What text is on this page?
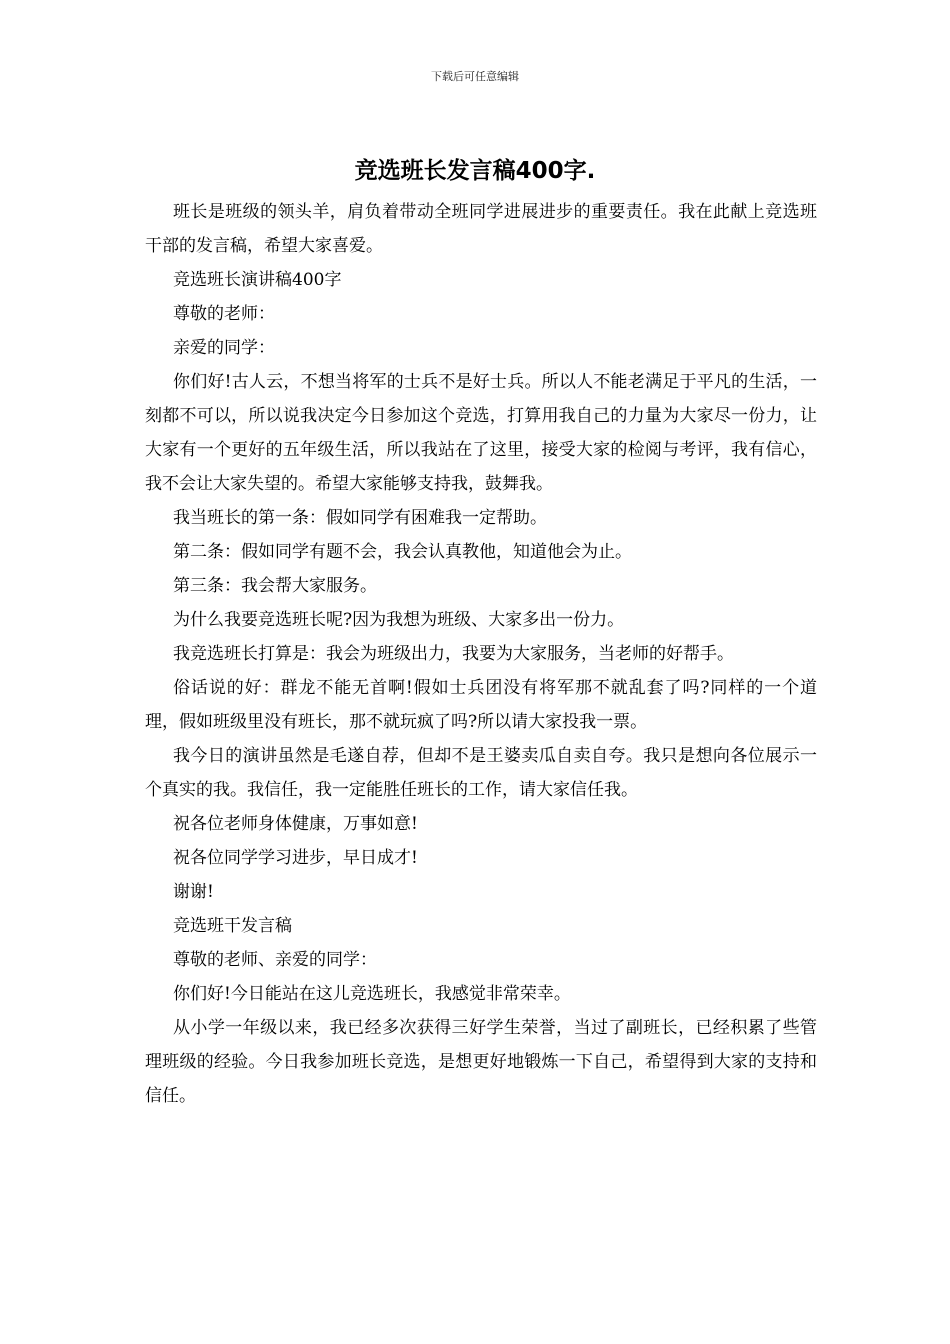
下载后可任意编辑
竞选班长发言稿400字.

班长是班级的领头羊，肩负着带动全班同学进展进步的重要责任。我在此献上竞选班干部的发言稿，希望大家喜爱。

竞选班长演讲稿400字

尊敬的老师：

亲爱的同学：

你们好!古人云，不想当将军的士兵不是好士兵。所以人不能老满足于平凡的生活，一刻都不可以，所以说我决定今日参加这个竞选，打算用我自己的力量为大家尽一份力，让大家有一个更好的五年级生活，所以我站在了这里，接受大家的检阅与考评，我有信心，我不会让大家失望的。希望大家能够支持我，鼓舞我。

我当班长的第一条：假如同学有困难我一定帮助。

第二条：假如同学有题不会，我会认真教他，知道他会为止。

第三条：我会帮大家服务。

为什么我要竞选班长呢?因为我想为班级、大家多出一份力。

我竞选班长打算是：我会为班级出力，我要为大家服务，当老师的好帮手。

俗话说的好：群龙不能无首啊!假如士兵团没有将军那不就乱套了吗?同样的一个道理，假如班级里没有班长，那不就玩疯了吗?所以请大家投我一票。

我今日的演讲虽然是毛遂自荐，但却不是王婆卖瓜自卖自夸。我只是想向各位展示一个真实的我。我信任，我一定能胜任班长的工作，请大家信任我。

祝各位老师身体健康，万事如意!

祝各位同学学习进步，早日成才!

谢谢!

竞选班干发言稿

尊敬的老师、亲爱的同学：

你们好!今日能站在这儿竞选班长，我感觉非常荣幸。

从小学一年级以来，我已经多次获得三好学生荣誉，当过了副班长，已经积累了些管理班级的经验。今日我参加班长竞选，是想更好地锻炼一下自己，希望得到大家的支持和信任。
